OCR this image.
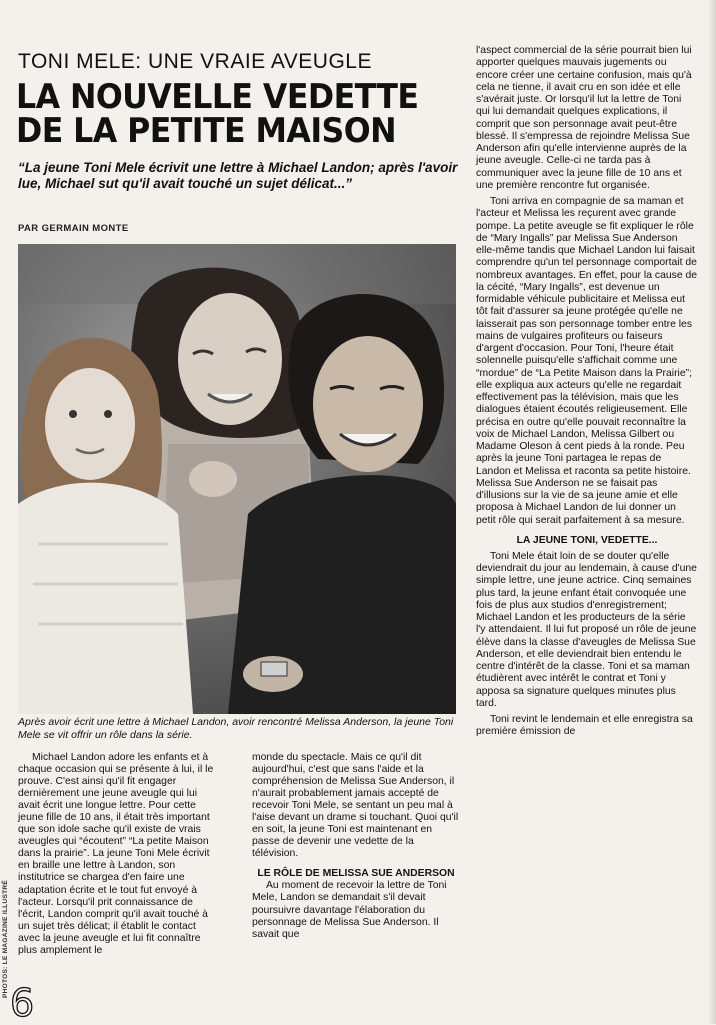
TONI MELE: UNE VRAIE AVEUGLE
LA NOUVELLE VEDETTE
DE LA PETITE MAISON
“La jeune Toni Mele écrivit une lettre à Michael Landon; après l'avoir lue, Michael sut qu'il avait touché un sujet délicat...”
PAR GERMAIN MONTE
Après avoir écrit une lettre à Michael Landon, avoir rencontré Melissa Anderson, la jeune Toni Mele se vit offrir un rôle dans la série.

Michael Landon adore les enfants et à chaque occasion qui se présente à lui, il le prouve. C'est ainsi qu'il fit engager dernièrement une jeune aveugle qui lui avait écrit une longue lettre. Pour cette jeune fille de 10 ans, il était très important que son idole sache qu'il existe de vrais aveugles qui “écoutent” “La petite Maison dans la prairie”. La jeune Toni Mele écrivit en braille une lettre à Landon, son institutrice se chargea d'en faire une adaptation écrite et le tout fut envoyé à l'acteur. Lorsqu'il prit connaissance de l'écrit, Landon comprit qu'il avait touché à un sujet très délicat; il établit le contact avec la jeune aveugle et lui fit connaître plus amplement le

monde du spectacle. Mais ce qu'il dit aujourd'hui, c'est que sans l'aide et la compréhension de Melissa Sue Anderson, il n'aurait probablement jamais accepté de recevoir Toni Mele, se sentant un peu mal à l'aise devant un drame si touchant. Quoi qu'il en soit, la jeune Toni est maintenant en passe de devenir une vedette de la télévision.

LE RÔLE DE MELISSA SUE ANDERSON

Au moment de recevoir la lettre de Toni Mele, Landon se demandait s'il devait poursuivre davantage l'élaboration du personnage de Melissa Sue Anderson. Il savait que

l'aspect commercial de la série pourrait bien lui apporter quelques mauvais jugements ou encore créer une certaine confusion, mais qu'à cela ne tienne, il avait cru en son idée et elle s'avérait juste. Or lorsqu'il lut la lettre de Toni qui lui demandait quelques explications, il comprit que son personnage avait peut-être blessé. Il s'empressa de rejoindre Melissa Sue Anderson afin qu'elle intervienne auprès de la jeune aveugle. Celle-ci ne tarda pas à communiquer avec la jeune fille de 10 ans et une première rencontre fut organisée.

Toni arriva en compagnie de sa maman et l'acteur et Melissa les reçurent avec grande pompe. La petite aveugle se fit expliquer le rôle de “Mary Ingalls” par Melissa Sue Anderson elle-même tandis que Michael Landon lui faisait comprendre qu'un tel personnage comportait de nombreux avantages. En effet, pour la cause de la cécité, “Mary Ingalls”, est devenue un formidable véhicule publicitaire et Melissa eut tôt fait d'assurer sa jeune protégée qu'elle ne laisserait pas son personnage tomber entre les mains de vulgaires profiteurs ou faiseurs d'argent d'occasion. Pour Toni, l'heure était solennelle puisqu'elle s'affichait comme une “mordue” de “La Petite Maison dans la Prairie”; elle expliqua aux acteurs qu'elle ne regardait effectivement pas la télévision, mais que les dialogues étaient écoutés religieusement. Elle précisa en outre qu'elle pouvait reconnaître la voix de Michael Landon, Melissa Gilbert ou Madame Oleson à cent pieds à la ronde. Peu après la jeune Toni partagea le repas de Landon et Melissa et raconta sa petite histoire. Melissa Sue Anderson ne se faisait pas d'illusions sur la vie de sa jeune amie et elle proposa à Michael Landon de lui donner un petit rôle qui serait parfaitement à sa mesure.

LA JEUNE TONI, VEDETTE...

Toni Mele était loin de se douter qu'elle deviendrait du jour au lendemain, à cause d'une simple lettre, une jeune actrice. Cinq semaines plus tard, la jeune enfant était convoquée une fois de plus aux studios d'enregistrement; Michael Landon et les producteurs de la série l'y attendaient. Il lui fut proposé un rôle de jeune élève dans la classe d'aveugles de Melissa Sue Anderson, et elle deviendrait bien entendu le centre d'intérêt de la classe. Toni et sa maman étudièrent avec intérêt le contrat et Toni y apposa sa signature quelques minutes plus tard.

Toni revint le lendemain et elle enregistra sa première émission de

PHOTOS: LE MAGAZINE ILLUSTRÉ
6
